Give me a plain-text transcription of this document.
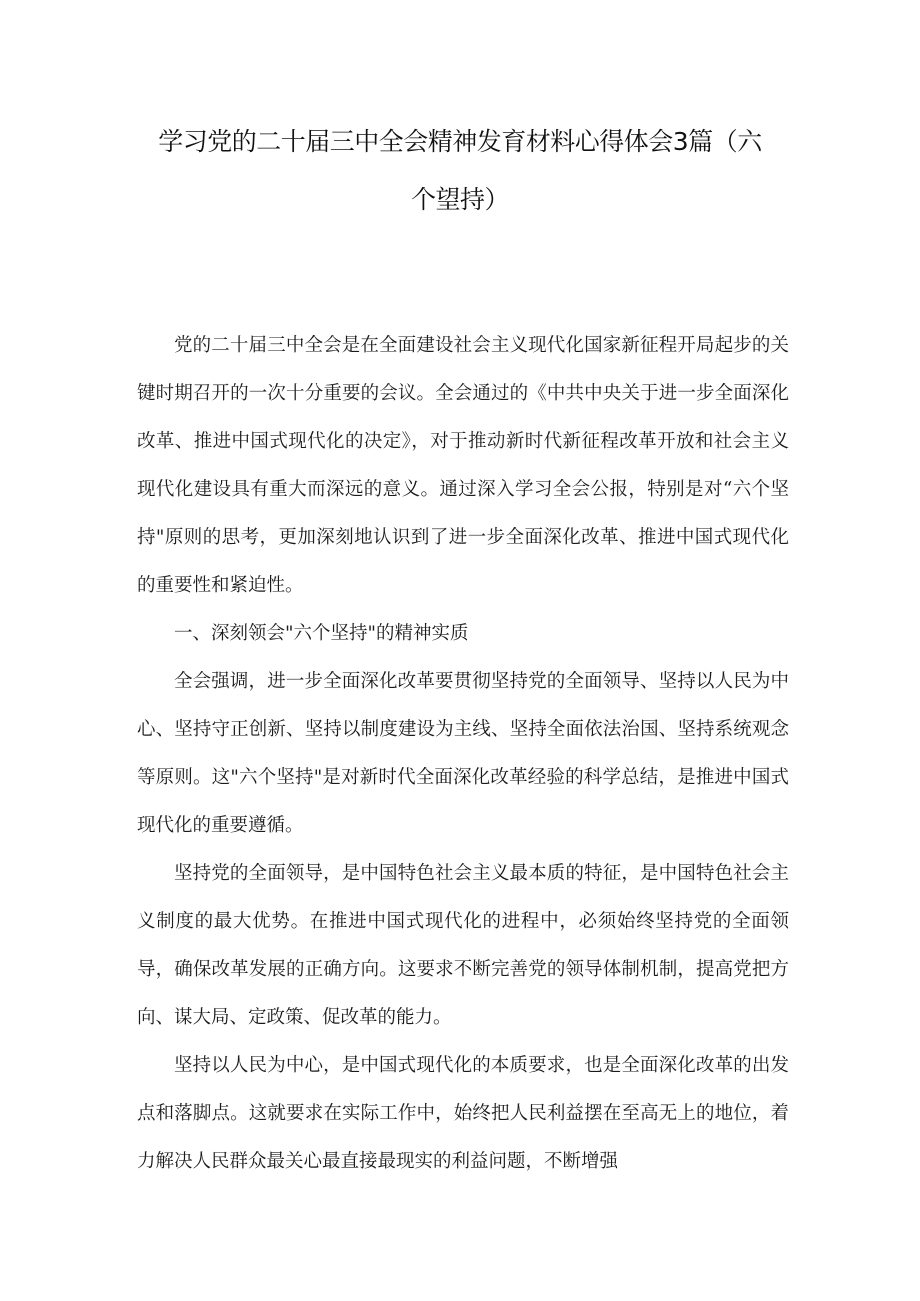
学习党的二十届三中全会精神发育材料心得体会3篇（六
个望持）

党的二十届三中全会是在全面建设社会主义现代化国家新征程开局起步的关键时期召开的一次十分重要的会议。全会通过的《中共中央关于进一步全面深化改革、推进中国式现代化的决定》，对于推动新时代新征程改革开放和社会主义现代化建设具有重大而深远的意义。通过深入学习全会公报，特别是对“六个坚持"原则的思考，更加深刻地认识到了进一步全面深化改革、推进中国式现代化的重要性和紧迫性。

一、深刻领会"六个坚持"的精神实质

全会强调，进一步全面深化改革要贯彻坚持党的全面领导、坚持以人民为中心、坚持守正创新、坚持以制度建设为主线、坚持全面依法治国、坚持系统观念等原则。这"六个坚持"是对新时代全面深化改革经验的科学总结，是推进中国式现代化的重要遵循。

坚持党的全面领导，是中国特色社会主义最本质的特征，是中国特色社会主义制度的最大优势。在推进中国式现代化的进程中，必须始终坚持党的全面领导，确保改革发展的正确方向。这要求不断完善党的领导体制机制，提高党把方向、谋大局、定政策、促改革的能力。

坚持以人民为中心，是中国式现代化的本质要求，也是全面深化改革的出发点和落脚点。这就要求在实际工作中，始终把人民利益摆在至高无上的地位，着力解决人民群众最关心最直接最现实的利益问题，不断增强
